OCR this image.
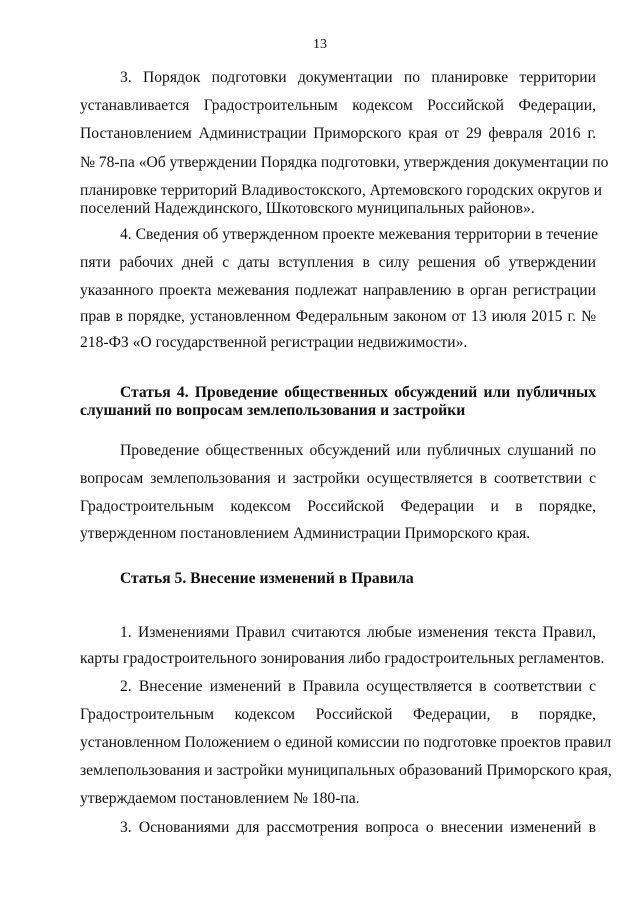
13
3. Порядок подготовки документации по планировке территории
устанавливается Градостроительным кодексом Российской Федерации,
Постановлением Администрации Приморского края от 29 февраля 2016 г.
№ 78-па «Об утверждении Порядка подготовки, утверждения документации по
планировке территорий Владивостокского, Артемовского городских округов и
поселений Надеждинского, Шкотовского муниципальных районов».
4. Сведения об утвержденном проекте межевания территории в течение
пяти рабочих дней с даты вступления в силу решения об утверждении
указанного проекта межевания подлежат направлению в орган регистрации
прав в порядке, установленном Федеральным законом от 13 июля 2015 г. №
218-ФЗ «О государственной регистрации недвижимости».
Статья 4. Проведение общественных обсуждений или публичных
слушаний по вопросам землепользования и застройки
Проведение общественных обсуждений или публичных слушаний по
вопросам землепользования и застройки осуществляется в соответствии с
Градостроительным кодексом Российской Федерации и в порядке,
утвержденном постановлением Администрации Приморского края.
Статья 5. Внесение изменений в Правила
1. Изменениями Правил считаются любые изменения текста Правил,
карты градостроительного зонирования либо градостроительных регламентов.
2. Внесение изменений в Правила осуществляется в соответствии с
Градостроительным кодексом Российской Федерации, в порядке,
установленном Положением о единой комиссии по подготовке проектов правил
землепользования и застройки муниципальных образований Приморского края,
утверждаемом постановлением № 180-па.
3. Основаниями для рассмотрения вопроса о внесении изменений в
